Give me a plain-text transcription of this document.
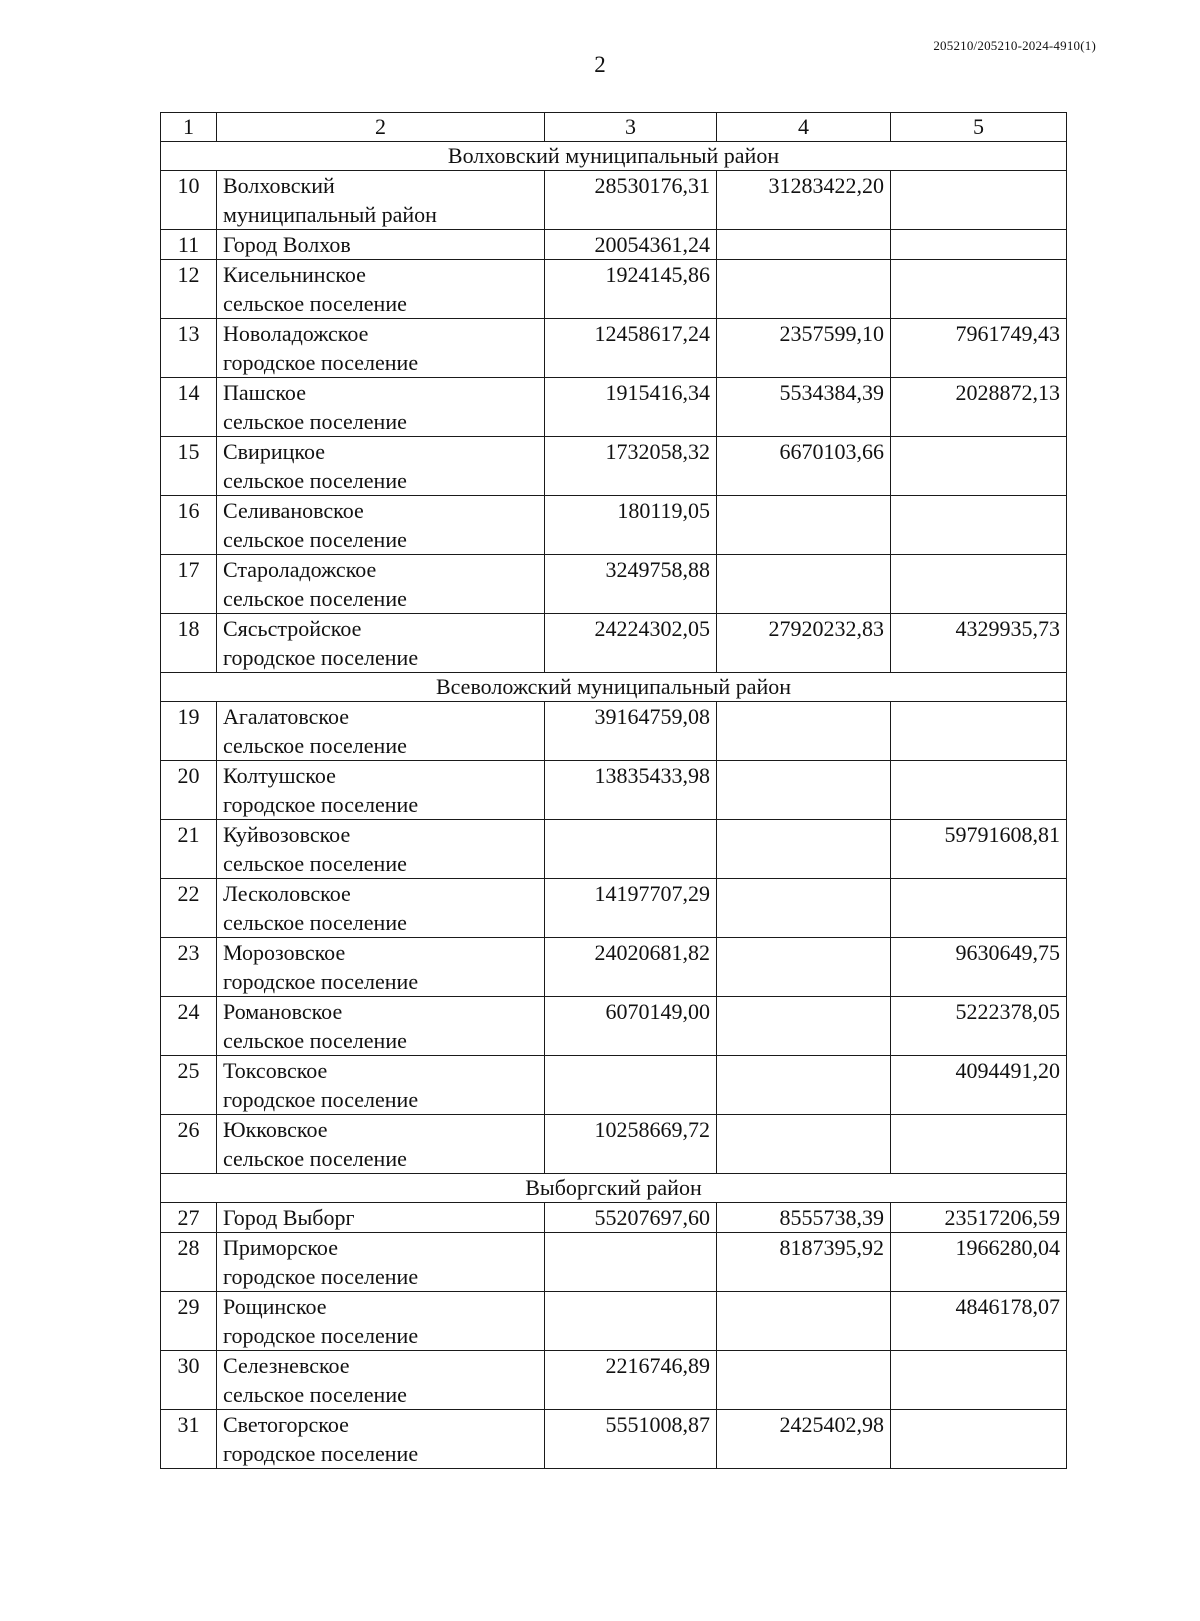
205210/205210-2024-4910(1)
2
1	2	3	4	5
Волховский муниципальный район				
10	Волховский
муниципальный район	28530176,31	31283422,20	
11	Город Волхов	20054361,24		
12	Кисельнинское
сельское поселение	1924145,86		
13	Новоладожское
городское поселение	12458617,24	2357599,10	7961749,43
14	Пашское
сельское поселение	1915416,34	5534384,39	2028872,13
15	Свирицкое
сельское поселение	1732058,32	6670103,66	
16	Селивановское
сельское поселение	180119,05		
17	Староладожское
сельское поселение	3249758,88		
18	Сясьстройское
городское поселение	24224302,05	27920232,83	4329935,73
Всеволожский муниципальный район				
19	Агалатовское
сельское поселение	39164759,08		
20	Колтушское
городское поселение	13835433,98		
21	Куйвозовское
сельское поселение			59791608,81
22	Лесколовское
сельское поселение	14197707,29		
23	Морозовское
городское поселение	24020681,82		9630649,75
24	Романовское
сельское поселение	6070149,00		5222378,05
25	Токсовское
городское поселение			4094491,20
26	Юкковское
сельское поселение	10258669,72		
Выборгский район				
27	Город Выборг	55207697,60	8555738,39	23517206,59
28	Приморское
городское поселение		8187395,92	1966280,04
29	Рощинское
городское поселение			4846178,07
30	Селезневское
сельское поселение	2216746,89		
31	Светогорское
городское поселение	5551008,87	2425402,98	
